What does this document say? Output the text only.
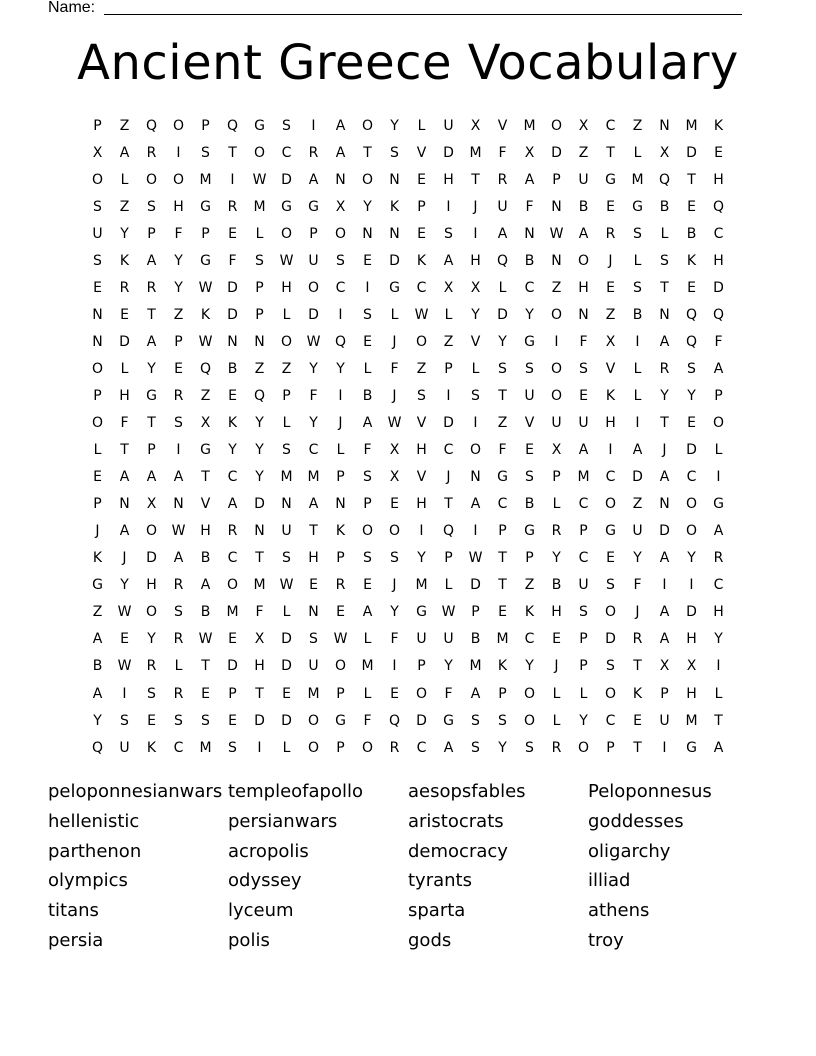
Name:
Ancient Greece Vocabulary
P	Z	Q	O	P	Q	G	S	I	A	O	Y	L	U	X	V	M	O	X	C	Z	N	M	K
X	A	R	I	S	T	O	C	R	A	T	S	V	D	M	F	X	D	Z	T	L	X	D	E
O	L	O	O	M	I	W	D	A	N	O	N	E	H	T	R	A	P	U	G	M	Q	T	H
S	Z	S	H	G	R	M	G	G	X	Y	K	P	I	J	U	F	N	B	E	G	B	E	Q
U	Y	P	F	P	E	L	O	P	O	N	N	E	S	I	A	N	W	A	R	S	L	B	C
S	K	A	Y	G	F	S	W	U	S	E	D	K	A	H	Q	B	N	O	J	L	S	K	H
E	R	R	Y	W	D	P	H	O	C	I	G	C	X	X	L	C	Z	H	E	S	T	E	D
N	E	T	Z	K	D	P	L	D	I	S	L	W	L	Y	D	Y	O	N	Z	B	N	Q	Q
N	D	A	P	W	N	N	O	W	Q	E	J	O	Z	V	Y	G	I	F	X	I	A	Q	F
O	L	Y	E	Q	B	Z	Z	Y	Y	L	F	Z	P	L	S	S	O	S	V	L	R	S	A
P	H	G	R	Z	E	Q	P	F	I	B	J	S	I	S	T	U	O	E	K	L	Y	Y	P
O	F	T	S	X	K	Y	L	Y	J	A	W	V	D	I	Z	V	U	U	H	I	T	E	O
L	T	P	I	G	Y	Y	S	C	L	F	X	H	C	O	F	E	X	A	I	A	J	D	L
E	A	A	A	T	C	Y	M	M	P	S	X	V	J	N	G	S	P	M	C	D	A	C	I
P	N	X	N	V	A	D	N	A	N	P	E	H	T	A	C	B	L	C	O	Z	N	O	G
J	A	O	W	H	R	N	U	T	K	O	O	I	Q	I	P	G	R	P	G	U	D	O	A
K	J	D	A	B	C	T	S	H	P	S	S	Y	P	W	T	P	Y	C	E	Y	A	Y	R
G	Y	H	R	A	O	M	W	E	R	E	J	M	L	D	T	Z	B	U	S	F	I	I	C
Z	W	O	S	B	M	F	L	N	E	A	Y	G	W	P	E	K	H	S	O	J	A	D	H
A	E	Y	R	W	E	X	D	S	W	L	F	U	U	B	M	C	E	P	D	R	A	H	Y
B	W	R	L	T	D	H	D	U	O	M	I	P	Y	M	K	Y	J	P	S	T	X	X	I
A	I	S	R	E	P	T	E	M	P	L	E	O	F	A	P	O	L	L	O	K	P	H	L
Y	S	E	S	S	E	D	D	O	G	F	Q	D	G	S	S	O	L	Y	C	E	U	M	T
Q	U	K	C	M	S	I	L	O	P	O	R	C	A	S	Y	S	R	O	P	T	I	G	A
peloponnesianwars templeofapollo	aesopsfables	Peloponnesus
hellenistic	persianwars	aristocrats	goddesses
parthenon	acropolis	democracy	oligarchy
olympics	odyssey	tyrants	illiad
titans	lyceum	sparta	athens
persia	polis	gods	troy
